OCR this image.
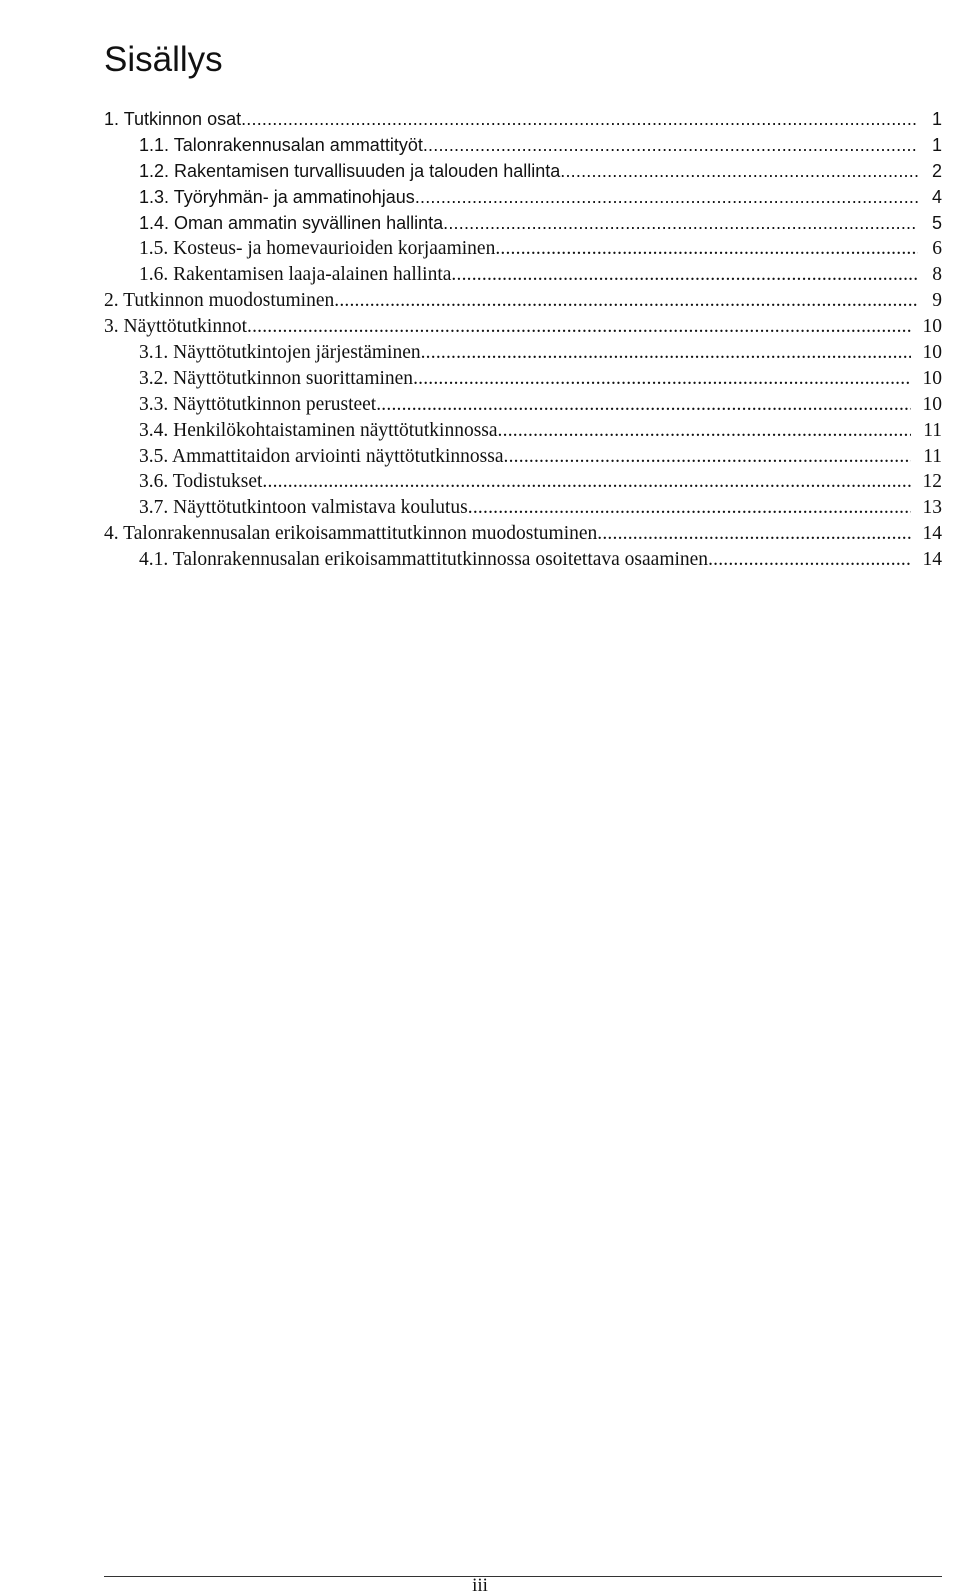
Sisällys
1. Tutkinnon osat .....	1
1.1. Talonrakennusalan ammattityöt .....	1
1.2. Rakentamisen turvallisuuden ja talouden hallinta .....	2
1.3. Työryhmän- ja ammatinohjaus .....	4
1.4. Oman ammatin syvällinen hallinta .....	5
1.5. Kosteus- ja homevaurioiden korjaaminen .....	6
1.6. Rakentamisen laaja-alainen hallinta .....	8
2. Tutkinnon muodostuminen .....	9
3. Näyttötutkinnot .....	10
3.1. Näyttötutkintojen järjestäminen .....	10
3.2. Näyttötutkinnon suorittaminen .....	10
3.3. Näyttötutkinnon perusteet .....	10
3.4. Henkilökohtaistaminen näyttötutkinnossa .....	11
3.5. Ammattitaidon arviointi näyttötutkinnossa .....	11
3.6. Todistukset .....	12
3.7. Näyttötutkintoon valmistava koulutus .....	13
4. Talonrakennusalan erikoisammattitutkinnon muodostuminen .....	14
4.1. Talonrakennusalan erikoisammattitutkinnossa osoitettava osaaminen .....	14
iii
